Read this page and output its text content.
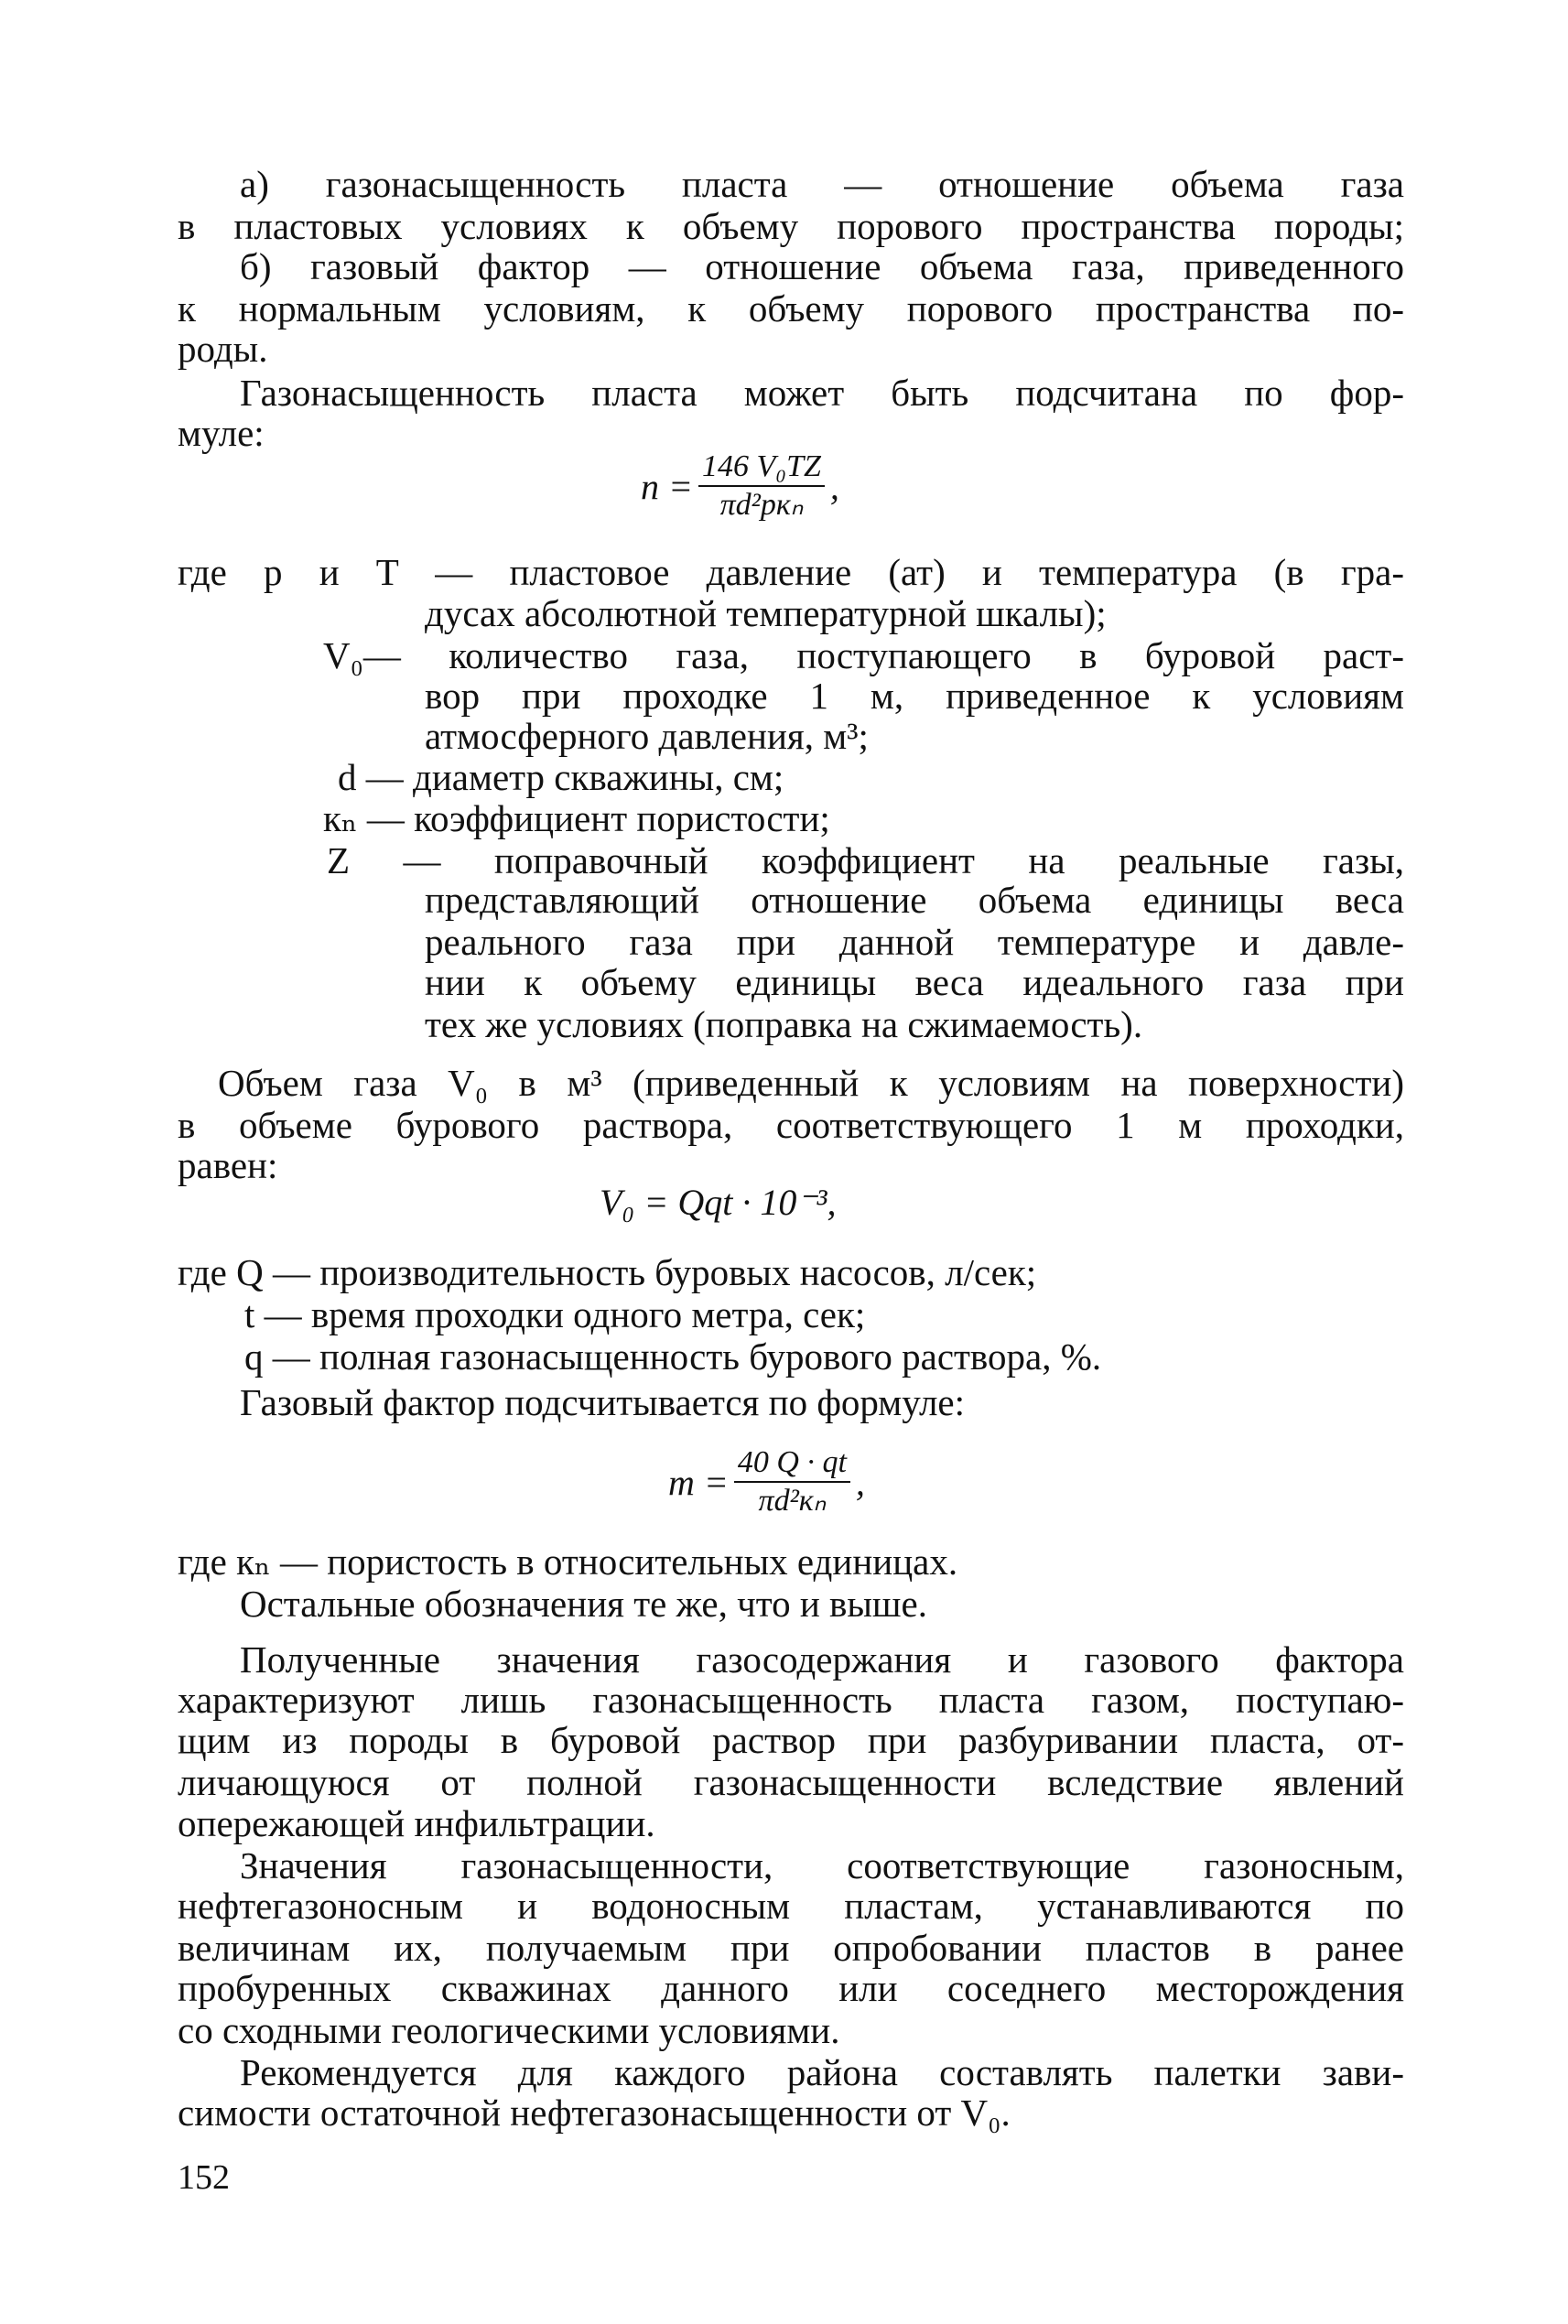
а) газонасыщенность пласта — отношение объема газа
в пластовых условиях к объему порового пространства породы;
б) газовый фактор — отношение объема газа, приведенного
к нормальным условиям, к объему порового пространства по-
роды.
Газонасыщенность пласта может быть подсчитана по фор-
муле:
где p и T — пластовое давление (ат) и температура (в гра-
дусах абсолютной температурной шкалы);
V₀— количество газа, поступающего в буровой раст-
вор при проходке 1 м, приведенное к условиям
атмосферного давления, м³;
d — диаметр скважины, см;
кₙ — коэффициент пористости;
Z — поправочный коэффициент на реальные газы,
представляющий отношение объема единицы веса
реального газа при данной температуре и давле-
нии к объему единицы веса идеального газа при
тех же условиях (поправка на сжимаемость).
Объем газа V₀ в м³ (приведенный к условиям на поверхности)
в объеме бурового раствора, соответствующего 1 м проходки,
равен:
где Q — производительность буровых насосов, л/сек;
t — время проходки одного метра, сек;
q — полная газонасыщенность бурового раствора, %.
Газовый фактор подсчитывается по формуле:
где кₙ — пористость в относительных единицах.
Остальные обозначения те же, что и выше.
Полученные значения газосодержания и газового фактора
характеризуют лишь газонасыщенность пласта газом, поступаю-
щим из породы в буровой раствор при разбуривании пласта, от-
личающуюся от полной газонасыщенности вследствие явлений
опережающей инфильтрации.
Значения газонасыщенности, соответствующие газоносным,
нефтегазоносным и водоносным пластам, устанавливаются по
величинам их, получаемым при опробовании пластов в ранее
пробуренных скважинах данного или соседнего месторождения
со сходными геологическими условиями.
Рекомендуется для каждого района составлять палетки зави-
симости остаточной нефтегазонасыщенности от V₀.
$n = \frac{\text{146 V₀TZ}}{\text{πd²pкₙ}}$ ,
V₀ = Qqt · 10⁻³,
$m = \frac{40 Q \cdot qt}{\text{πd²кₙ}}$ ,
152
